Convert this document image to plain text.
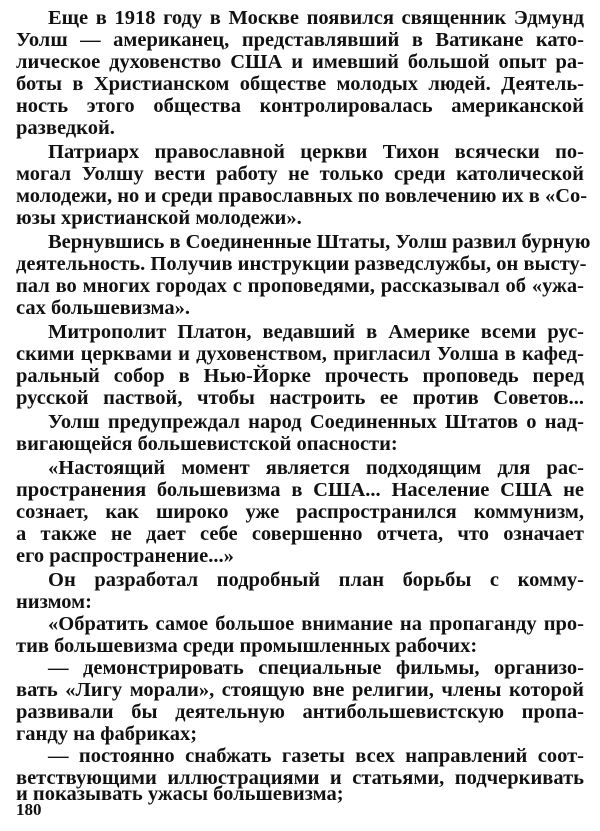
Еще в 1918 году в Москве появился священник Эдмунд
Уолш — американец, представлявший в Ватикане като-
лическое духовенство США и имевший большой опыт ра-
боты в Христианском обществе молодых людей. Деятель-
ность этого общества контролировалась американской
разведкой.
Патриарх православной церкви Тихон всячески по-
могал Уолшу вести работу не только среди католической
молодежи, но и среди православных по вовлечению их в «Со-
юзы христианской молодежи».
Вернувшись в Соединенные Штаты, Уолш развил бурную
деятельность. Получив инструкции разведслужбы, он высту-
пал во многих городах с проповедями, рассказывал об «ужа-
сах большевизма».
Митрополит Платон, ведавший в Америке всеми рус-
скими церквами и духовенством, пригласил Уолша в кафед-
ральный собор в Нью-Йорке прочесть проповедь перед
русской паствой, чтобы настроить ее против Советов...
Уолш предупреждал народ Соединенных Штатов о над-
вигающейся большевистской опасности:
«Настоящий момент является подходящим для рас-
пространения большевизма в США... Население США не
сознает, как широко уже распространился коммунизм,
а также не дает себе совершенно отчета, что означает
его распространение...»
Он разработал подробный план борьбы с комму-
низмом:
«Обратить самое большое внимание на пропаганду про-
тив большевизма среди промышленных рабочих:
— демонстрировать специальные фильмы, организо-
вать «Лигу морали», стоящую вне религии, члены которой
развивали бы деятельную антибольшевистскую пропа-
ганду на фабриках;
— постоянно снабжать газеты всех направлений соот-
ветствующими иллюстрациями и статьями, подчеркивать
180
и показывать ужасы большевизма;
